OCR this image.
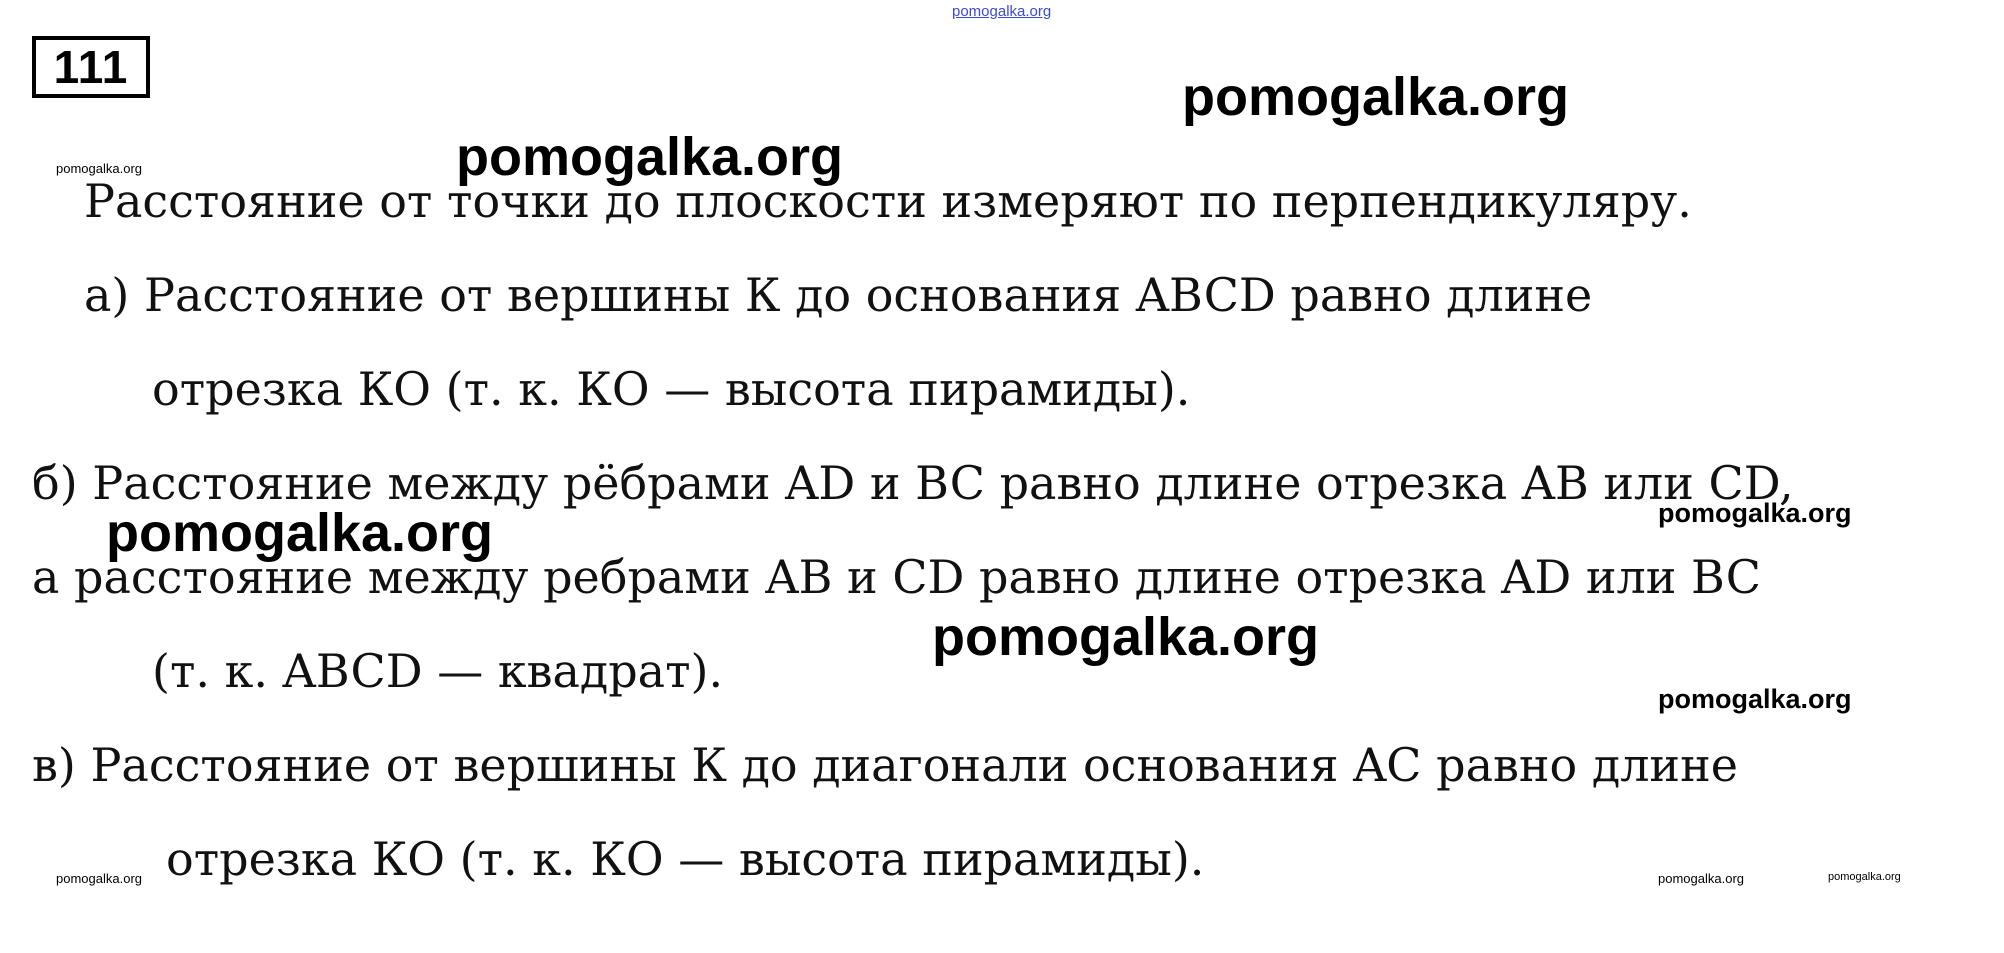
pomogalka.org
111	pomogalka.org
pomogalka.org
pomogalka.org
Расстояние от точки до плоскости измеряют по перпендикуляру.
а) Расстояние от вершины К до основания ABCD равно длине
отрезка КО (т. к. КО — высота пирамиды).
б) Расстояние между рёбрами AD и BC равно длине отрезка AB или CD,
pomogalka.org	pomogalka.org
а расстояние между ребрами AB и CD равно длине отрезка AD или BC
pomogalka.org
(т. к. ABCD — квадрат).
pomogalka.org
в) Расстояние от вершины К до диагонали основания AC равно длине
pomogalka.org отрезка КО (т. к. КО — высота пирамиды).	pomogalka.org	pomogalka.org
